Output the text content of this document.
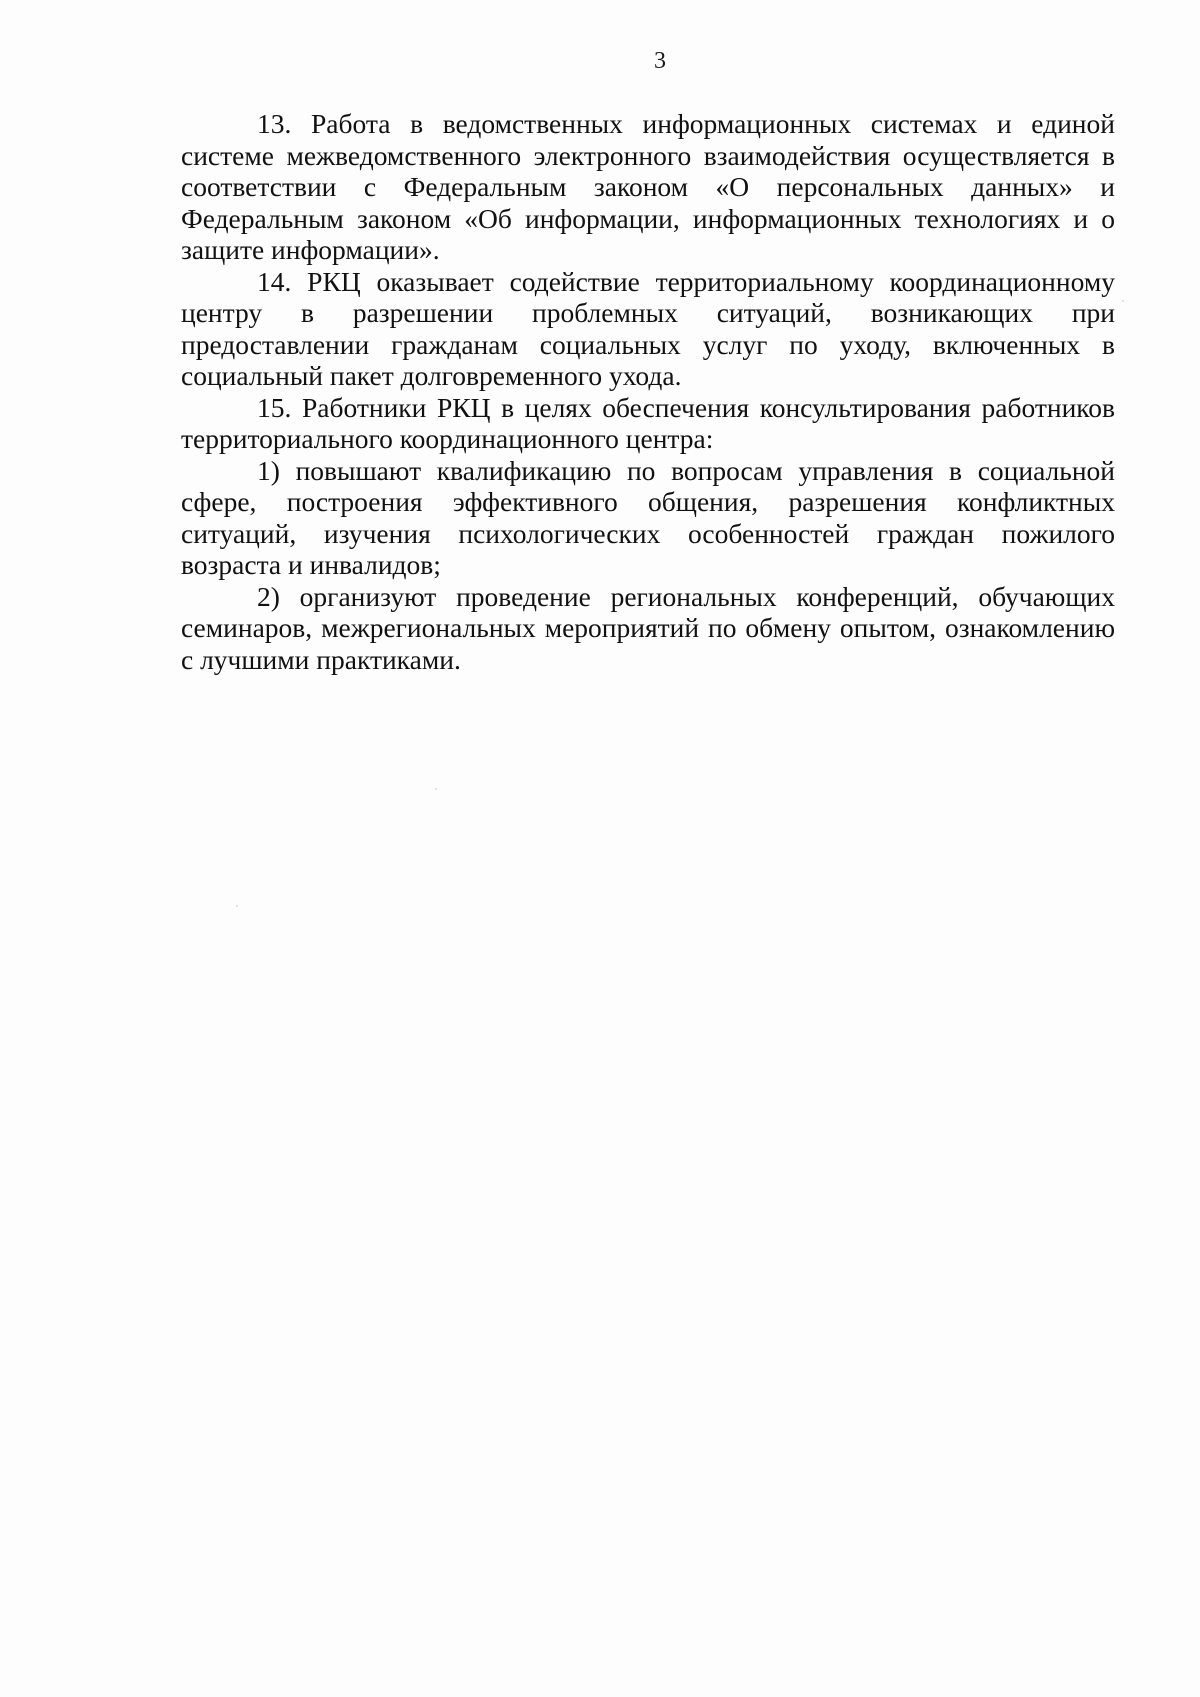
3

13. Работа в ведомственных информационных системах и единой системе межведомственного электронного взаимодействия осуществляется в соответствии с Федеральным законом «О персональных данных» и Федеральным законом «Об информации, информационных технологиях и о защите информации».

14. РКЦ оказывает содействие территориальному координационному центру в разрешении проблемных ситуаций, возникающих при предоставлении гражданам социальных услуг по уходу, включенных в социальный пакет долговременного ухода.

15. Работники РКЦ в целях обеспечения консультирования работников территориального координационного центра:

1) повышают квалификацию по вопросам управления в социальной сфере, построения эффективного общения, разрешения конфликтных ситуаций, изучения психологических особенностей граждан пожилого возраста и инвалидов;

2) организуют проведение региональных конференций, обучающих семинаров, межрегиональных мероприятий по обмену опытом, ознакомлению с лучшими практиками.
